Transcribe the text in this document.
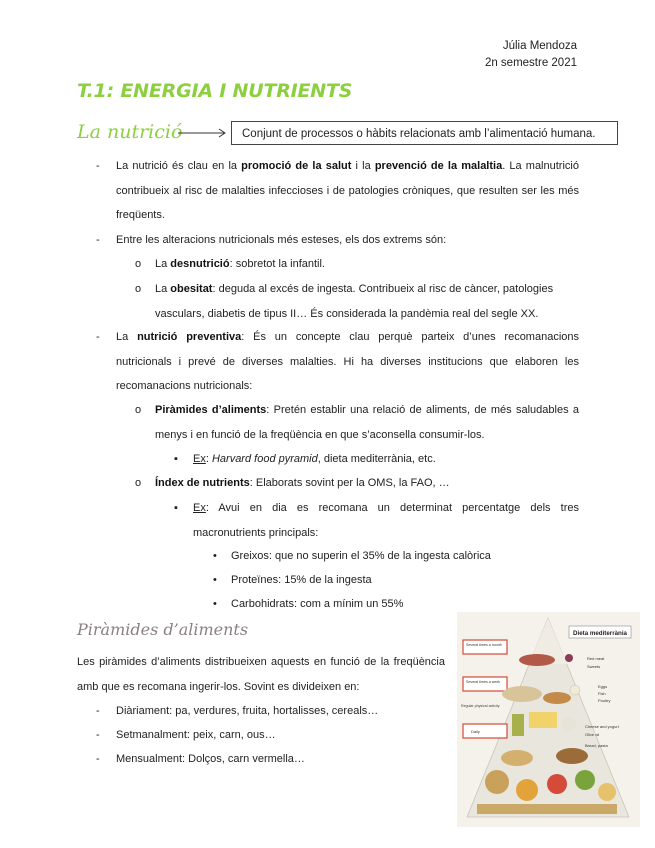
Júlia Mendoza
2n semestre 2021
T.1: ENERGIA I NUTRIENTS
La nutrició	Conjunt de processos o hàbits relacionats amb l’alimentació humana.
- La nutrició és clau en la promoció de la salut i la prevenció de la malaltia. La malnutrició contribueix al risc de malalties infeccioses i de patologies cròniques, que resulten ser les més freqüents.
- Entre les alteracions nutricionals més esteses, els dos extrems són:
o La desnutrició: sobretot la infantil.
o La obesitat: deguda al excés de ingesta. Contribueix al risc de càncer, patologies vasculars, diabetis de tipus II… És considerada la pandèmia real del segle XX.
- La nutrició preventiva: És un concepte clau perquè parteix d’unes recomanacions nutricionals i prevé de diverses malalties. Hi ha diverses institucions que elaboren les recomanacions nutricionals:
o Piràmides d’aliments: Pretén establir una relació de aliments, de més saludables a menys i en funció de la freqüència en que s’aconsella consumir-los.
▪ Ex: Harvard food pyramid, dieta mediterrània, etc.
o Índex de nutrients: Elaborats sovint per la OMS, la FAO, …
▪ Ex: Avui en dia es recomana un determinat percentatge dels tres macronutrients principals:
• Greixos: que no superin el 35% de la ingesta calòrica
• Proteïnes: 15% de la ingesta
• Carbohidrats: com a mínim un 55%
Piràmides d’aliments
Les piràmides d’aliments distribueixen aquests en funció de la freqüència amb que es recomana ingerir-los. Sovint es divideixen en:
- Diàriament: pa, verdures, fruita, hortalisses, cereals…
- Setmanalment: peix, carn, ous…
- Mensualment: Dolços, carn vermella…
Dieta mediterrània
Several times a month
Several times a week
Regular physical activity
Daily
Red meat
Sweets
Eggs
Fish
Poultry
Cheese and yogurt
Olive oil
Bread, pasta
